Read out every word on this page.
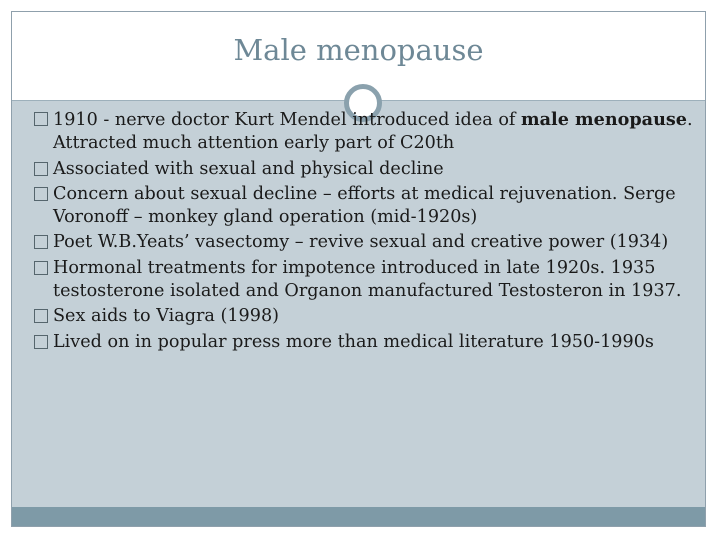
Male menopause
1910 - nerve doctor Kurt Mendel introduced idea of male menopause. Attracted much attention early part of C20th
Associated with sexual and physical decline
Concern about sexual decline – efforts at medical rejuvenation. Serge Voronoff – monkey gland operation (mid-1920s)
Poet W.B.Yeats’ vasectomy – revive sexual and creative power (1934)
Hormonal treatments for impotence introduced in late 1920s. 1935 testosterone isolated and Organon manufactured Testosteron in 1937.
Sex aids to Viagra (1998)
Lived on in popular press more than medical literature 1950-1990s
